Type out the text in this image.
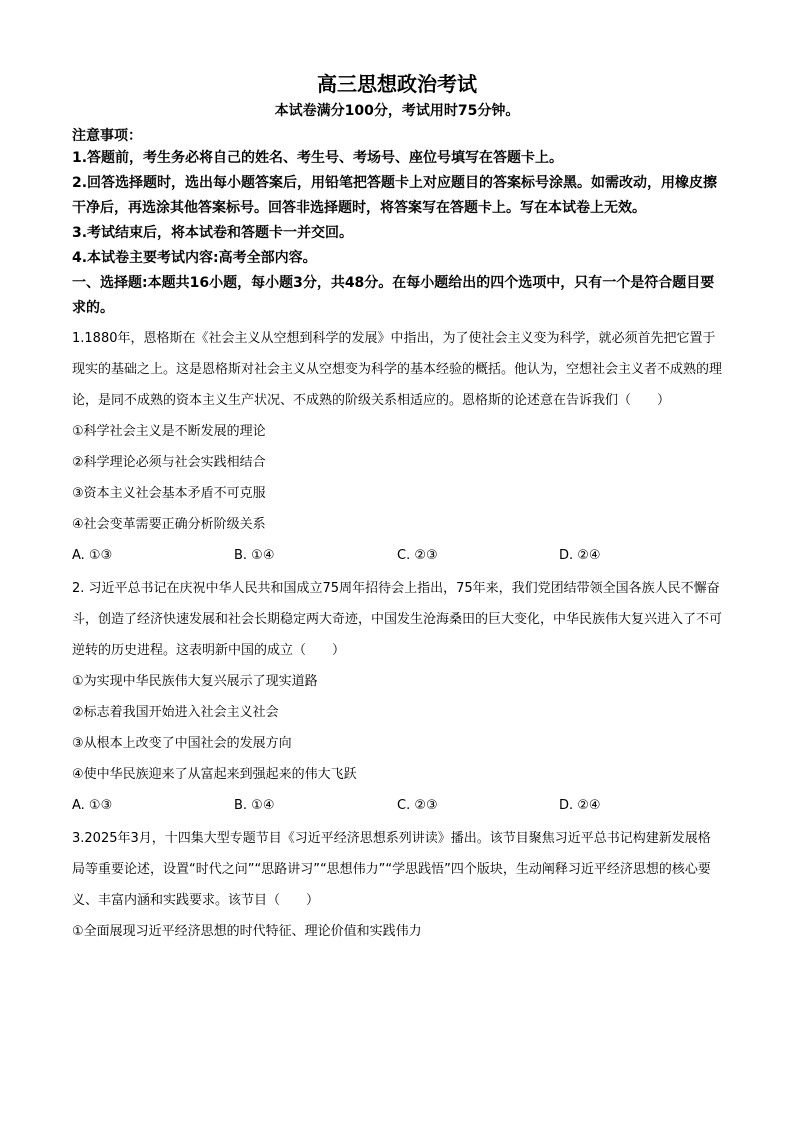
高三思想政治考试
本试卷满分100分，考试用时75分钟。
注意事项：
1.答题前，考生务必将自己的姓名、考生号、考场号、座位号填写在答题卡上。
2.回答选择题时，选出每小题答案后，用铅笔把答题卡上对应题目的答案标号涂黑。如需改动，用橡皮擦干净后，再选涂其他答案标号。回答非选择题时，将答案写在答题卡上。写在本试卷上无效。
3.考试结束后，将本试卷和答题卡一并交回。
4.本试卷主要考试内容:高考全部内容。
一、选择题:本题共16小题，每小题3分，共48分。在每小题给出的四个选项中，只有一个是符合题目要求的。
1.1880年，恩格斯在《社会主义从空想到科学的发展》中指出，为了使社会主义变为科学，就必须首先把它置于现实的基础之上。这是恩格斯对社会主义从空想变为科学的基本经验的概括。他认为，空想社会主义者不成熟的理论，是同不成熟的资本主义生产状况、不成熟的阶级关系相适应的。恩格斯的论述意在告诉我们（　　）
①科学社会主义是不断发展的理论
②科学理论必须与社会实践相结合
③资本主义社会基本矛盾不可克服
④社会变革需要正确分析阶级关系
A. ①③	B. ①④	C. ②③	D. ②④
2. 习近平总书记在庆祝中华人民共和国成立75周年招待会上指出，75年来，我们党团结带领全国各族人民不懈奋斗，创造了经济快速发展和社会长期稳定两大奇迹，中国发生沧海桑田的巨大变化，中华民族伟大复兴进入了不可逆转的历史进程。这表明新中国的成立（　　）
①为实现中华民族伟大复兴展示了现实道路
②标志着我国开始进入社会主义社会
③从根本上改变了中国社会的发展方向
④使中华民族迎来了从富起来到强起来的伟大飞跃
A. ①③	B. ①④	C. ②③	D. ②④
3.2025年3月，十四集大型专题节目《习近平经济思想系列讲读》播出。该节目聚焦习近平总书记构建新发展格局等重要论述，设置“时代之问”“思路讲习”“思想伟力”“学思践悟”四个版块，生动阐释习近平经济思想的核心要义、丰富内涵和实践要求。该节目（　　）
①全面展现习近平经济思想的时代特征、理论价值和实践伟力
